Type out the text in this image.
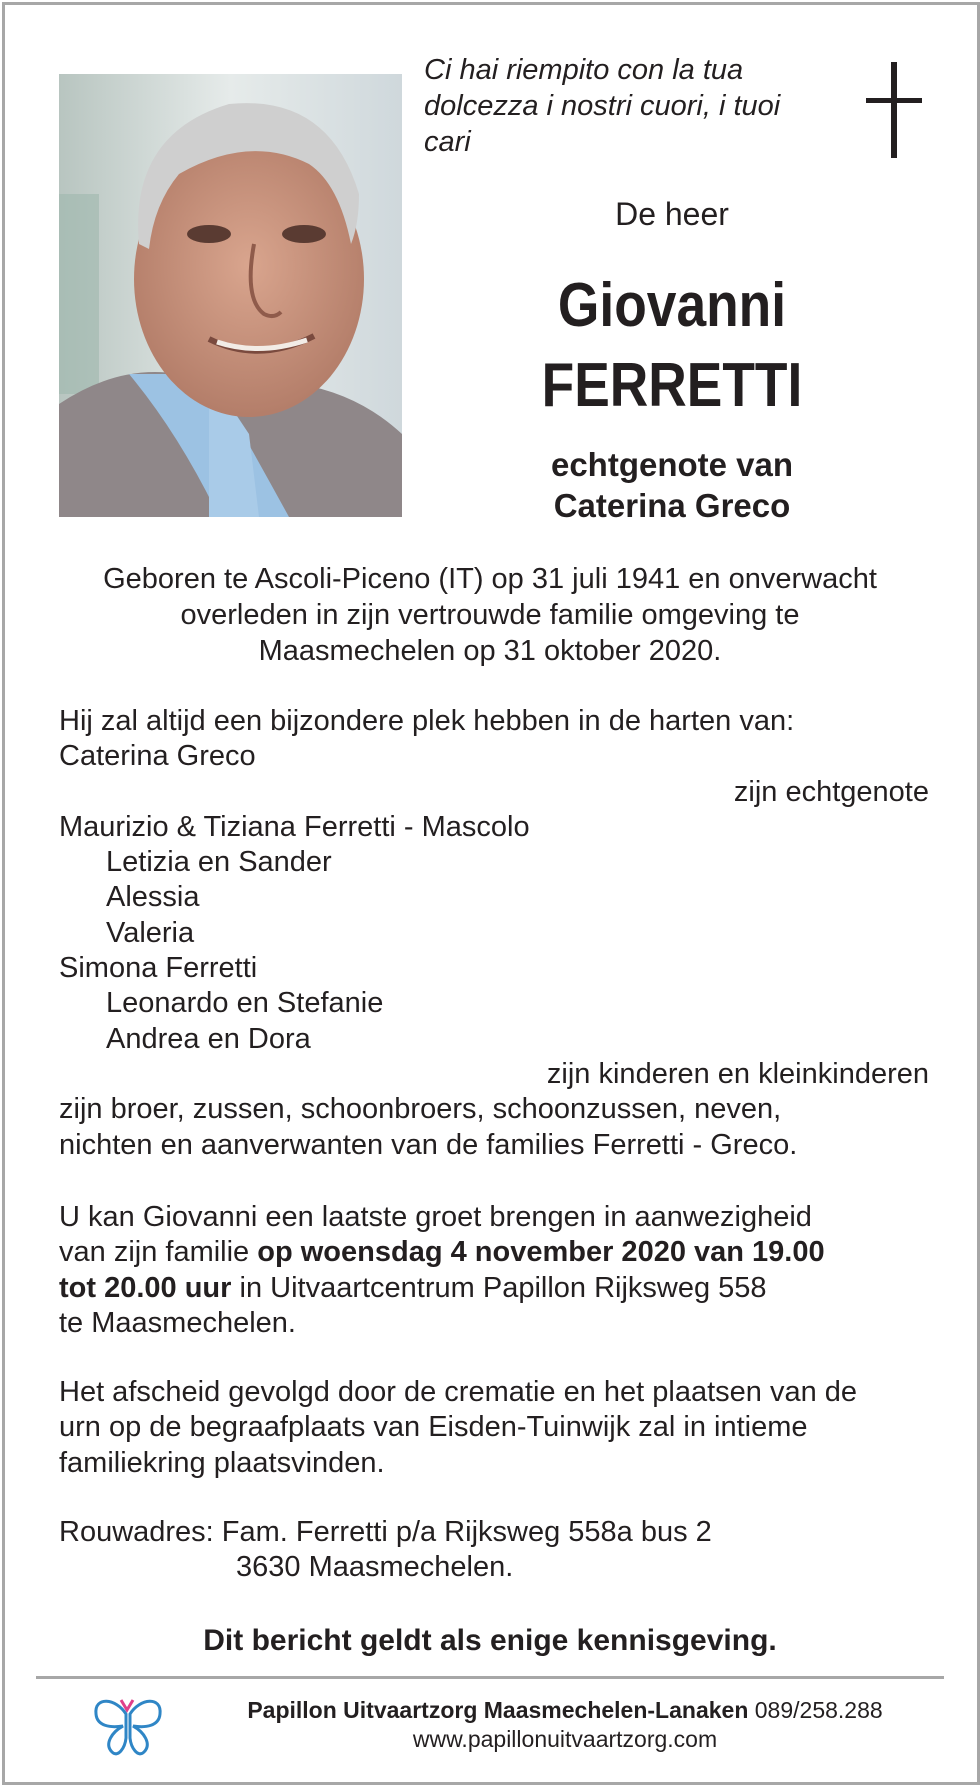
Ci hai riempito con la tua
dolcezza i nostri cuori, i tuoi
cari
De heer
Giovanni
FERRETTI
echtgenote van
Caterina Greco
Geboren te Ascoli-Piceno (IT) op 31 juli 1941 en onverwacht
overleden in zijn vertrouwde familie omgeving te
Maasmechelen op 31 oktober 2020.
Hij zal altijd een bijzondere plek hebben in de harten van:
Caterina Greco
zijn echtgenote
Maurizio & Tiziana Ferretti - Mascolo
Letizia en Sander
Alessia
Valeria
Simona Ferretti
Leonardo en Stefanie
Andrea en Dora
zijn kinderen en kleinkinderen
zijn broer, zussen, schoonbroers, schoonzussen, neven,
nichten en aanverwanten van de families Ferretti - Greco.
U kan Giovanni een laatste groet brengen in aanwezigheid
van zijn familie op woensdag 4 november 2020 van 19.00
tot 20.00 uur in Uitvaartcentrum Papillon Rijksweg 558
te Maasmechelen.
Het afscheid gevolgd door de crematie en het plaatsen van de
urn op de begraafplaats van Eisden-Tuinwijk zal in intieme
familiekring plaatsvinden.
Rouwadres: Fam. Ferretti p/a Rijksweg 558a bus 2
3630 Maasmechelen.
Dit bericht geldt als enige kennisgeving.
Papillon Uitvaartzorg Maasmechelen-Lanaken 089/258.288
www.papillonuitvaartzorg.com
